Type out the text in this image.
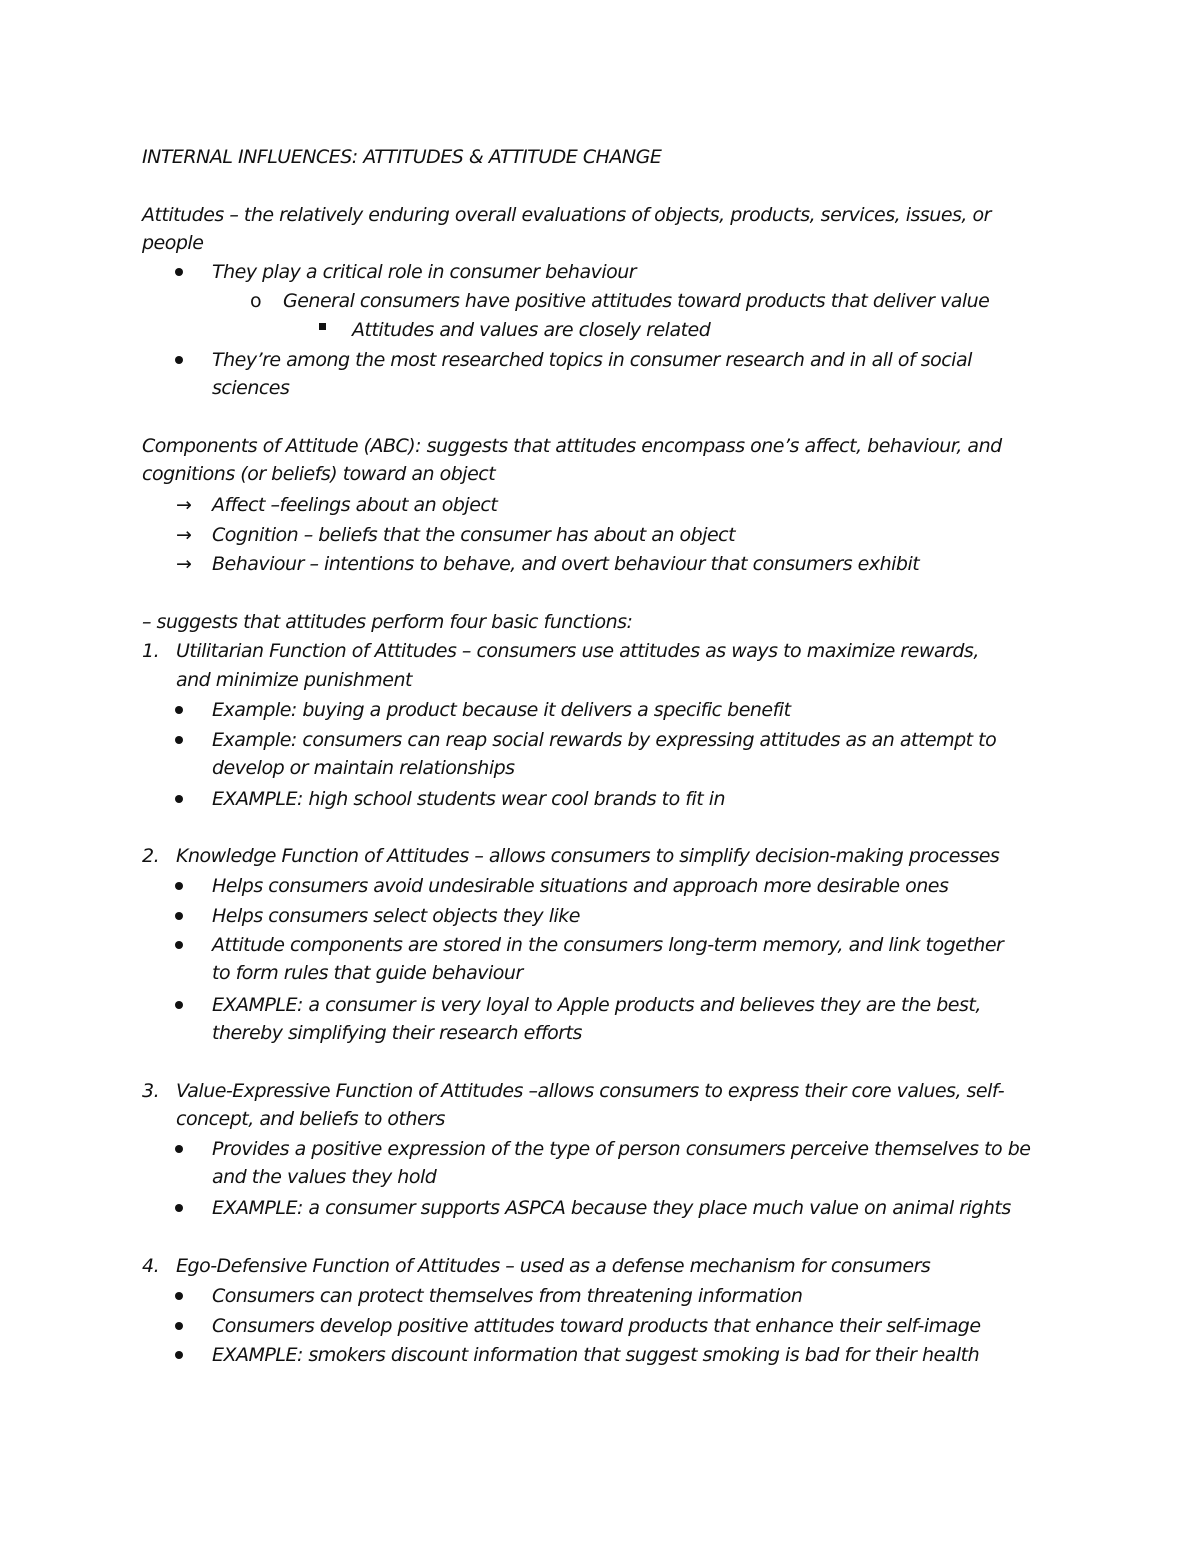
INTERNAL INFLUENCES: ATTITUDES & ATTITUDE CHANGE
Attitudes – the relatively enduring overall evaluations of objects, products, services, issues, or
people
They play a critical role in consumer behaviour
o General consumers have positive attitudes toward products that deliver value
Attitudes and values are closely related
They’re among the most researched topics in consumer research and in all of social
sciences
Components of Attitude (ABC): suggests that attitudes encompass one’s affect, behaviour, and
cognitions (or beliefs) toward an object
→ Affect –feelings about an object
→ Cognition – beliefs that the consumer has about an object
→ Behaviour – intentions to behave, and overt behaviour that consumers exhibit
– suggests that attitudes perform four basic functions:
1. Utilitarian Function of Attitudes – consumers use attitudes as ways to maximize rewards,
and minimize punishment
Example: buying a product because it delivers a specific benefit
Example: consumers can reap social rewards by expressing attitudes as an attempt to
develop or maintain relationships
EXAMPLE: high school students wear cool brands to fit in
2. Knowledge Function of Attitudes – allows consumers to simplify decision-making processes
Helps consumers avoid undesirable situations and approach more desirable ones
Helps consumers select objects they like
Attitude components are stored in the consumers long-term memory, and link together
to form rules that guide behaviour
EXAMPLE: a consumer is very loyal to Apple products and believes they are the best,
thereby simplifying their research efforts
3. Value-Expressive Function of Attitudes –allows consumers to express their core values, self-
concept, and beliefs to others
Provides a positive expression of the type of person consumers perceive themselves to be
and the values they hold
EXAMPLE: a consumer supports ASPCA because they place much value on animal rights
4. Ego-Defensive Function of Attitudes – used as a defense mechanism for consumers
Consumers can protect themselves from threatening information
Consumers develop positive attitudes toward products that enhance their self-image
EXAMPLE: smokers discount information that suggest smoking is bad for their health
